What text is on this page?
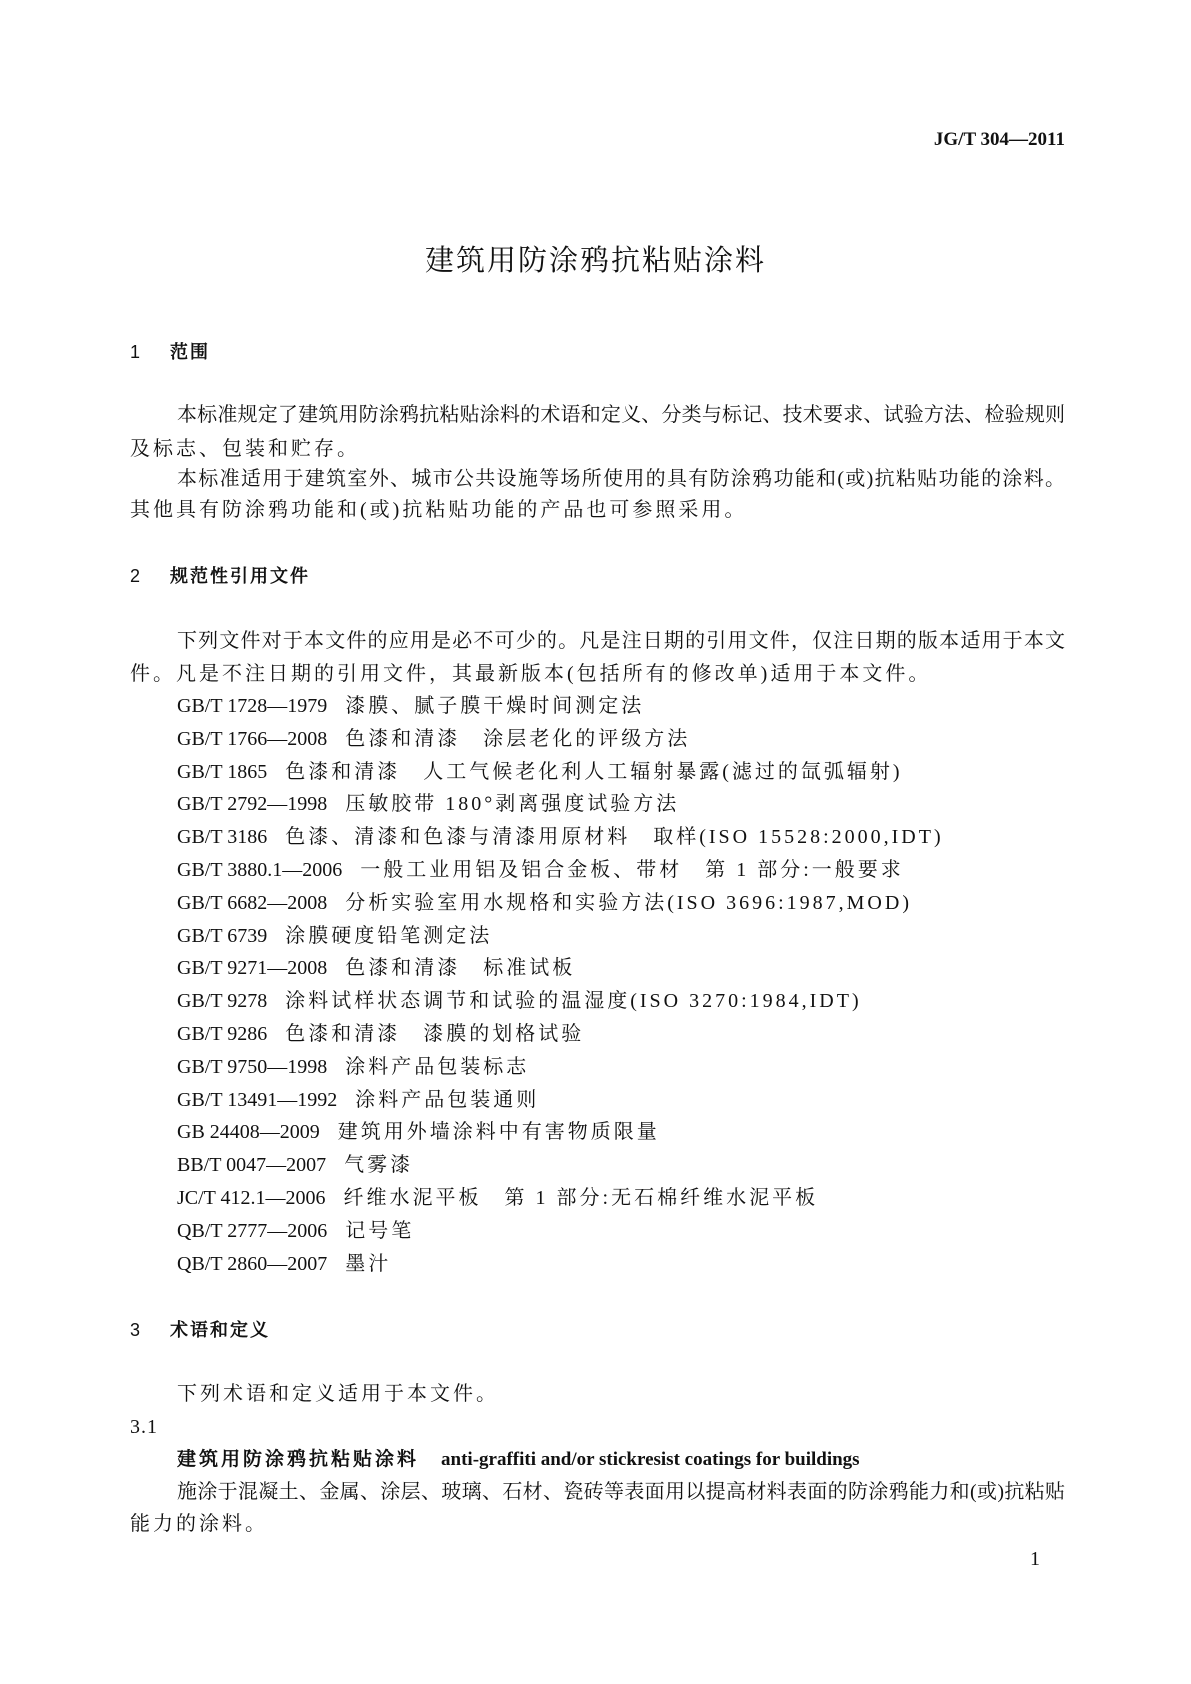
JG/T 304—2011
建筑用防涂鸦抗粘贴涂料
1 范围
本标准规定了建筑用防涂鸦抗粘贴涂料的术语和定义、分类与标记、技术要求、试验方法、检验规则
及标志、包装和贮存。
本标准适用于建筑室外、城市公共设施等场所使用的具有防涂鸦功能和(或)抗粘贴功能的涂料。
其他具有防涂鸦功能和(或)抗粘贴功能的产品也可参照采用。
2 规范性引用文件
下列文件对于本文件的应用是必不可少的。凡是注日期的引用文件，仅注日期的版本适用于本文
件。凡是不注日期的引用文件，其最新版本(包括所有的修改单)适用于本文件。
GB/T 1728—1979 漆膜、腻子膜干燥时间测定法
GB/T 1766—2008 色漆和清漆　涂层老化的评级方法
GB/T 1865 色漆和清漆　人工气候老化利人工辐射暴露(滤过的氙弧辐射)
GB/T 2792—1998 压敏胶带 180°剥离强度试验方法
GB/T 3186 色漆、清漆和色漆与清漆用原材料　取样(ISO 15528:2000,IDT)
GB/T 3880.1—2006 一般工业用铝及铝合金板、带材　第 1 部分:一般要求
GB/T 6682—2008 分析实验室用水规格和实验方法(ISO 3696:1987,MOD)
GB/T 6739 涂膜硬度铅笔测定法
GB/T 9271—2008 色漆和清漆　标准试板
GB/T 9278 涂料试样状态调节和试验的温湿度(ISO 3270:1984,IDT)
GB/T 9286 色漆和清漆　漆膜的划格试验
GB/T 9750—1998 涂料产品包装标志
GB/T 13491—1992 涂料产品包装通则
GB 24408—2009 建筑用外墙涂料中有害物质限量
BB/T 0047—2007 气雾漆
JC/T 412.1—2006 纤维水泥平板　第 1 部分:无石棉纤维水泥平板
QB/T 2777—2006 记号笔
QB/T 2860—2007 墨汁
3 术语和定义
下列术语和定义适用于本文件。
3.1
建筑用防涂鸦抗粘贴涂料 anti-graffiti and/or stickresist coatings for buildings
施涂于混凝土、金属、涂层、玻璃、石材、瓷砖等表面用以提高材料表面的防涂鸦能力和(或)抗粘贴
能力的涂料。
1
